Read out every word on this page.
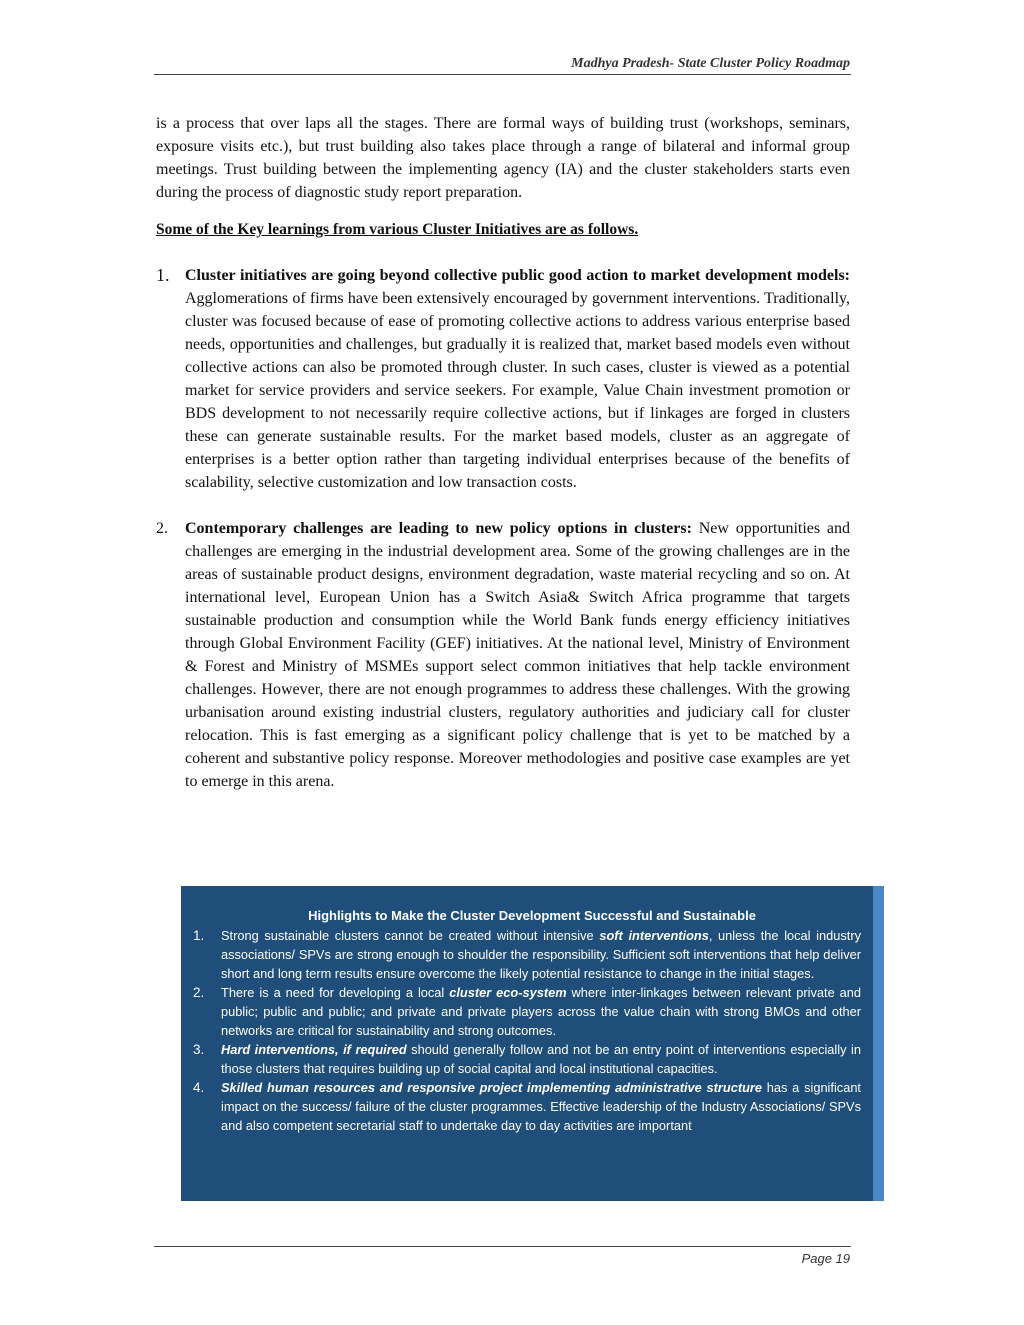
Madhya Pradesh- State Cluster Policy Roadmap

is a process that over laps all the stages. There are formal ways of building trust (workshops, seminars, exposure visits etc.), but trust building also takes place through a range of bilateral and informal group meetings. Trust building between the implementing agency (IA) and the cluster stakeholders starts even during the process of diagnostic study report preparation.

Some of the Key learnings from various Cluster Initiatives are as follows.

1. Cluster initiatives are going beyond collective public good action to market development models: Agglomerations of firms have been extensively encouraged by government interventions. Traditionally, cluster was focused because of ease of promoting collective actions to address various enterprise based needs, opportunities and challenges, but gradually it is realized that, market based models even without collective actions can also be promoted through cluster. In such cases, cluster is viewed as a potential market for service providers and service seekers. For example, Value Chain investment promotion or BDS development to not necessarily require collective actions, but if linkages are forged in clusters these can generate sustainable results. For the market based models, cluster as an aggregate of enterprises is a better option rather than targeting individual enterprises because of the benefits of scalability, selective customization and low transaction costs.

2.	Contemporary challenges are leading to new policy options in clusters: New opportunities and challenges are emerging in the industrial development area. Some of the growing challenges are in the areas of sustainable product designs, environment degradation, waste material recycling and so on. At international level, European Union has a Switch Asia& Switch Africa programme that targets sustainable production and consumption while the World Bank funds energy efficiency initiatives through Global Environment Facility (GEF) initiatives. At the national level, Ministry of Environment & Forest and Ministry of MSMEs support select common initiatives that help tackle environment challenges. However, there are not enough programmes to address these challenges. With the growing urbanisation around existing industrial clusters, regulatory authorities and judiciary call for cluster relocation. This is fast emerging as a significant policy challenge that is yet to be matched by a coherent and substantive policy response. Moreover methodologies and positive case examples are yet to emerge in this arena.

Highlights to Make the Cluster Development Successful and Sustainable
1.	Strong sustainable clusters cannot be created without intensive soft interventions, unless the local industry associations/ SPVs are strong enough to shoulder the responsibility. Sufficient soft interventions that help deliver short and long term results ensure overcome the likely potential resistance to change in the initial stages.

2.	There is a need for developing a local cluster eco-system where inter-linkages between relevant private and public; public and public; and private and private players across the value chain with strong BMOs and other networks are critical for sustainability and strong outcomes.

3.	Hard interventions, if required should generally follow and not be an entry point of interventions especially in those clusters that requires building up of social capital and local institutional capacities.

4.	Skilled human resources and responsive project implementing administrative structure has a significant impact on the success/ failure of the cluster programmes. Effective leadership of the Industry Associations/ SPVs and also competent secretarial staff to undertake day to day activities are important

Page 19
